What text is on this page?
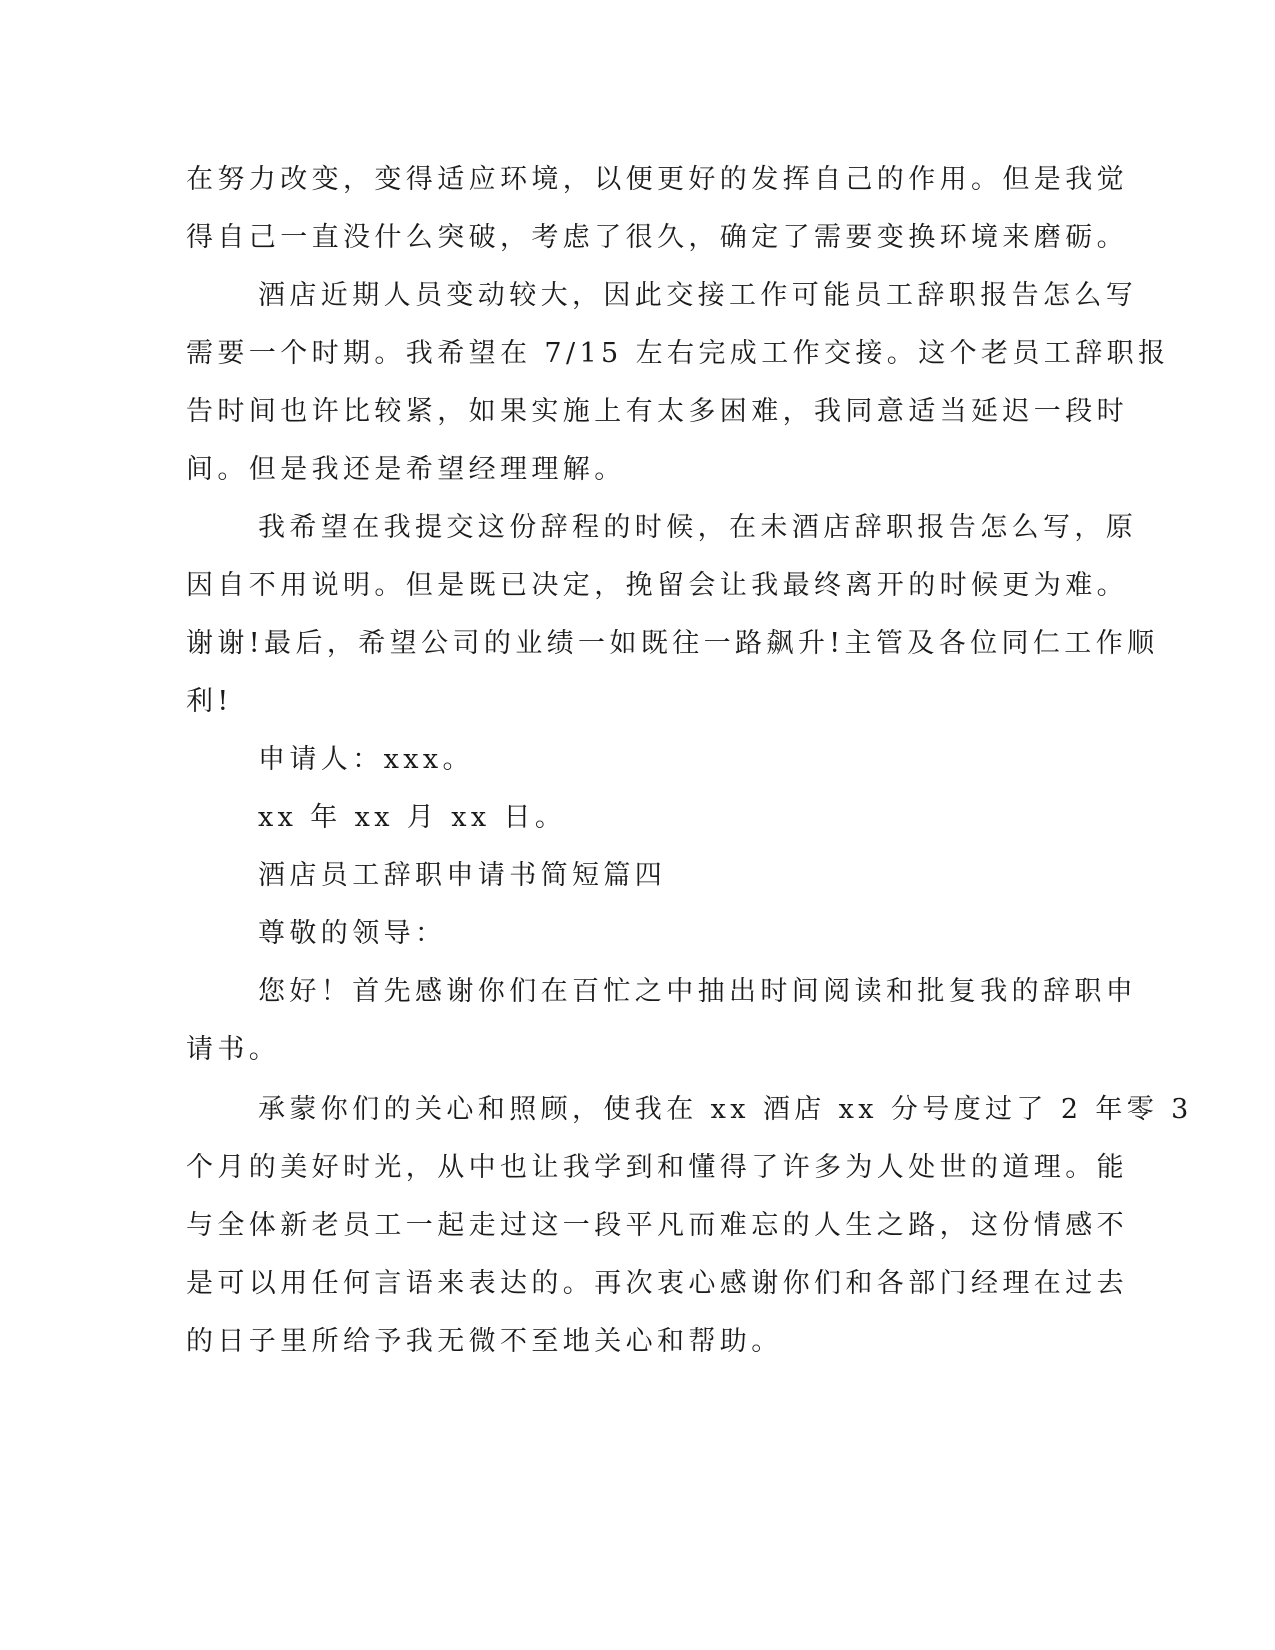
在努力改变，变得适应环境，以便更好的发挥自己的作用。但是我觉

得自己一直没什么突破，考虑了很久，确定了需要变换环境来磨砺。

酒店近期人员变动较大，因此交接工作可能员工辞职报告怎么写

需要一个时期。我希望在 7/15 左右完成工作交接。这个老员工辞职报

告时间也许比较紧，如果实施上有太多困难，我同意适当延迟一段时

间。但是我还是希望经理理解。

我希望在我提交这份辞程的时候，在未酒店辞职报告怎么写，原

因自不用说明。但是既已决定，挽留会让我最终离开的时候更为难。

谢谢!最后，希望公司的业绩一如既往一路飙升!主管及各位同仁工作顺

利!

申请人：xxx。

xx 年 xx 月 xx 日。

酒店员工辞职申请书简短篇四

尊敬的领导：

您好！首先感谢你们在百忙之中抽出时间阅读和批复我的辞职申

请书。

承蒙你们的关心和照顾，使我在 xx 酒店 xx 分号度过了 2 年零 3

个月的美好时光，从中也让我学到和懂得了许多为人处世的道理。能

与全体新老员工一起走过这一段平凡而难忘的人生之路，这份情感不

是可以用任何言语来表达的。再次衷心感谢你们和各部门经理在过去

的日子里所给予我无微不至地关心和帮助。
